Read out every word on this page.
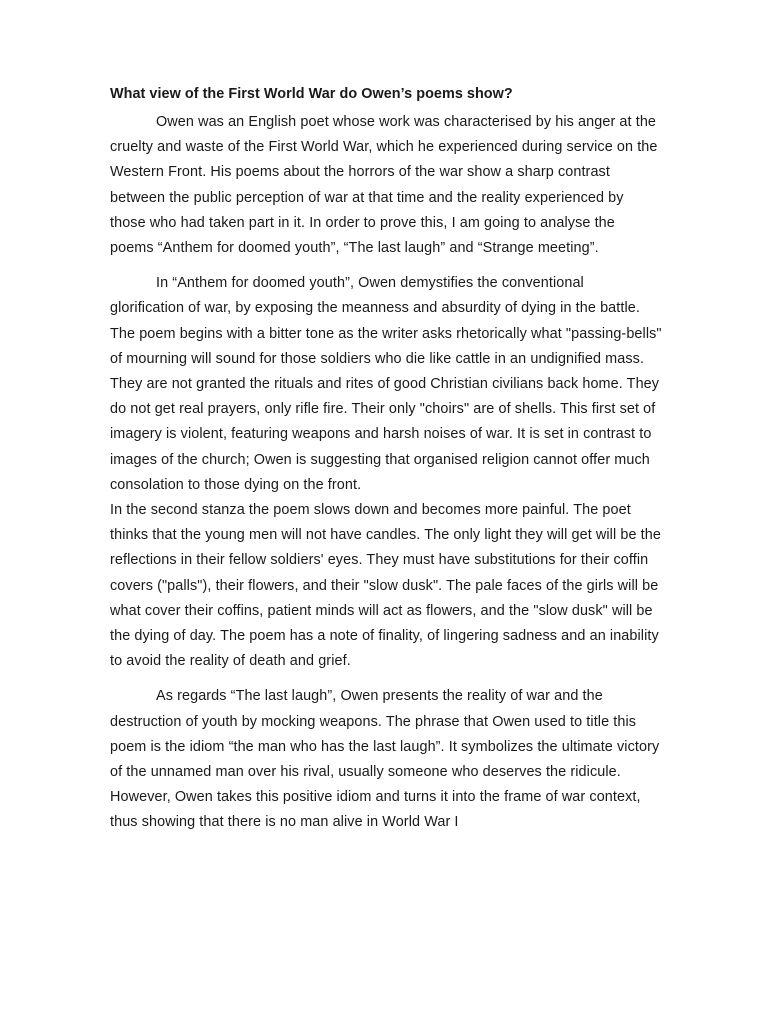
What view of the First World War do Owen’s poems show?

Owen was an English poet whose work was characterised by his anger at the cruelty and waste of the First World War, which he experienced during service on the Western Front. His poems about the horrors of the war show a sharp contrast between the public perception of war at that time and the reality experienced by those who had taken part in it. In order to prove this, I am going to analyse the poems “Anthem for doomed youth”, “The last laugh” and “Strange meeting”.

In “Anthem for doomed youth”, Owen demystifies the conventional glorification of war, by exposing the meanness and absurdity of dying in the battle. The poem begins with a bitter tone as the writer asks rhetorically what "passing-bells" of mourning will sound for those soldiers who die like cattle in an undignified mass. They are not granted the rituals and rites of good Christian civilians back home. They do not get real prayers, only rifle fire. Their only "choirs" are of shells. This first set of imagery is violent, featuring weapons and harsh noises of war. It is set in contrast to images of the church; Owen is suggesting that organised religion cannot offer much consolation to those dying on the front.

In the second stanza the poem slows down and becomes more painful. The poet thinks that the young men will not have candles. The only light they will get will be the reflections in their fellow soldiers' eyes. They must have substitutions for their coffin covers ("palls"), their flowers, and their "slow dusk". The pale faces of the girls will be what cover their coffins, patient minds will act as flowers, and the "slow dusk" will be the dying of day. The poem has a note of finality, of lingering sadness and an inability to avoid the reality of death and grief.

As regards “The last laugh”, Owen presents the reality of war and the destruction of youth by mocking weapons. The phrase that Owen used to title this poem is the idiom “the man who has the last laugh”. It symbolizes the ultimate victory of the unnamed man over his rival, usually someone who deserves the ridicule. However, Owen takes this positive idiom and turns it into the frame of war context, thus showing that there is no man alive in World War I
